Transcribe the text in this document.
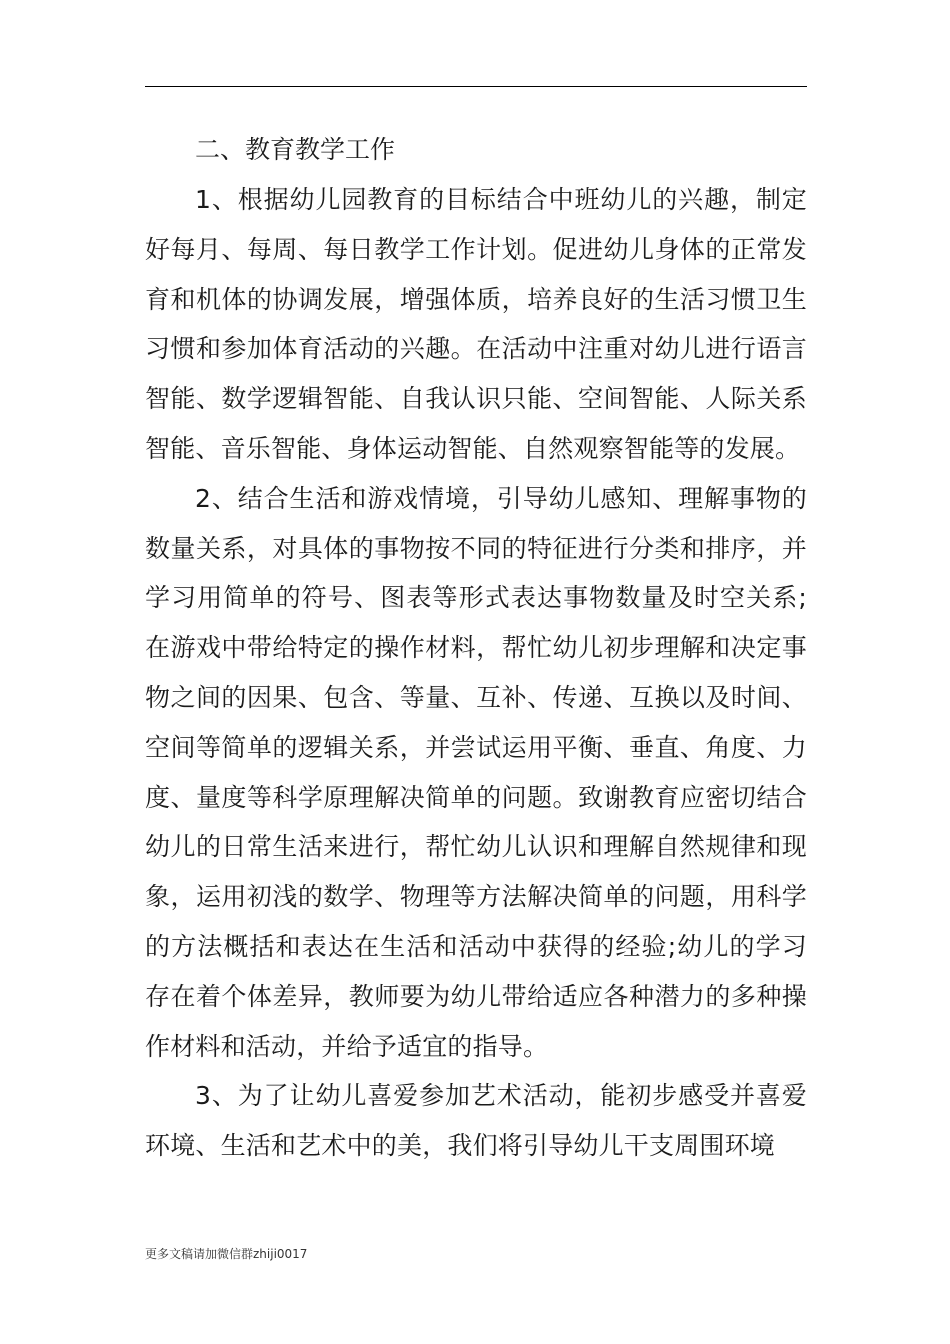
二、教育教学工作

1、根据幼儿园教育的目标结合中班幼儿的兴趣，制定好每月、每周、每日教学工作计划。促进幼儿身体的正常发育和机体的协调发展，增强体质，培养良好的生活习惯卫生习惯和参加体育活动的兴趣。在活动中注重对幼儿进行语言智能、数学逻辑智能、自我认识只能、空间智能、人际关系智能、音乐智能、身体运动智能、自然观察智能等的发展。

2、结合生活和游戏情境，引导幼儿感知、理解事物的数量关系，对具体的事物按不同的特征进行分类和排序，并学习用简单的符号、图表等形式表达事物数量及时空关系;在游戏中带给特定的操作材料，帮忙幼儿初步理解和决定事物之间的因果、包含、等量、互补、传递、互换以及时间、空间等简单的逻辑关系，并尝试运用平衡、垂直、角度、力度、量度等科学原理解决简单的问题。致谢教育应密切结合幼儿的日常生活来进行，帮忙幼儿认识和理解自然规律和现象，运用初浅的数学、物理等方法解决简单的问题，用科学的方法概括和表达在生活和活动中获得的经验;幼儿的学习存在着个体差异，教师要为幼儿带给适应各种潜力的多种操作材料和活动，并给予适宜的指导。

3、为了让幼儿喜爱参加艺术活动，能初步感受并喜爱环境、生活和艺术中的美，我们将引导幼儿干支周围环境

更多文稿请加微信群zhiji0017
